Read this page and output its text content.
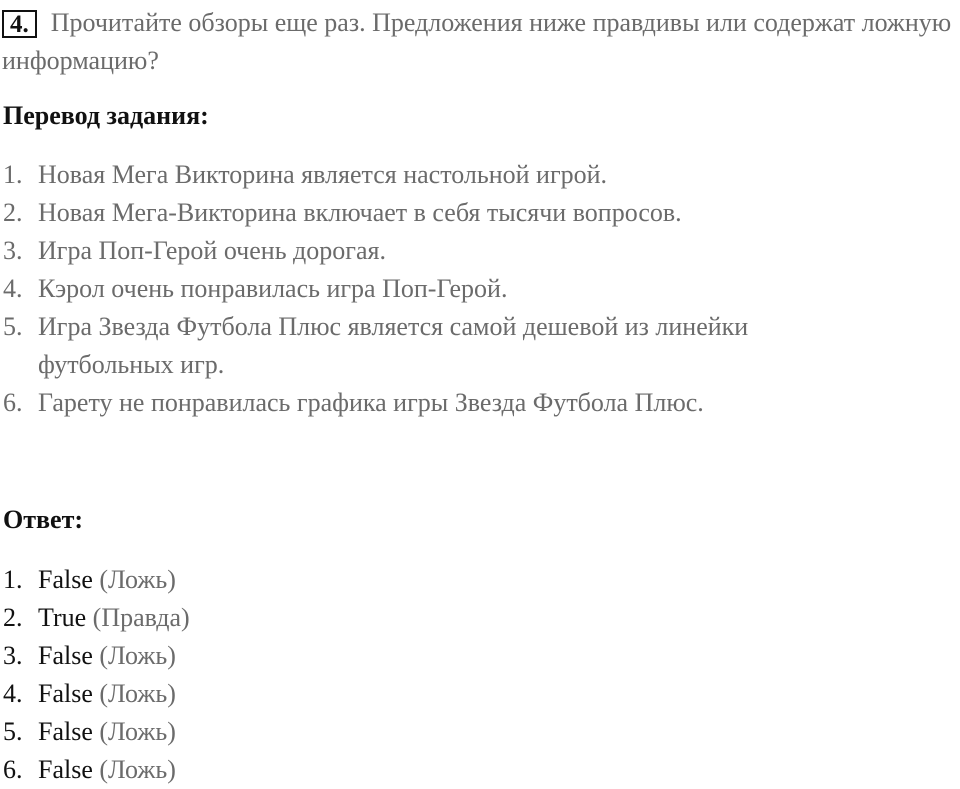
4. Прочитайте обзоры еще раз. Предложения ниже правдивы или содержат ложную информацию?
Перевод задания:
1. Новая Мега Викторина является настольной игрой.
2. Новая Мега-Викторина включает в себя тысячи вопросов.
3. Игра Поп-Герой очень дорогая.
4. Кэрол очень понравилась игра Поп-Герой.
5. Игра Звезда Футбола Плюс является самой дешевой из линейки футбольных игр.
6. Гарету не понравилась графика игры Звезда Футбола Плюс.
Ответ:
1. False (Ложь)
2. True (Правда)
3. False (Ложь)
4. False (Ложь)
5. False (Ложь)
6. False (Ложь)
